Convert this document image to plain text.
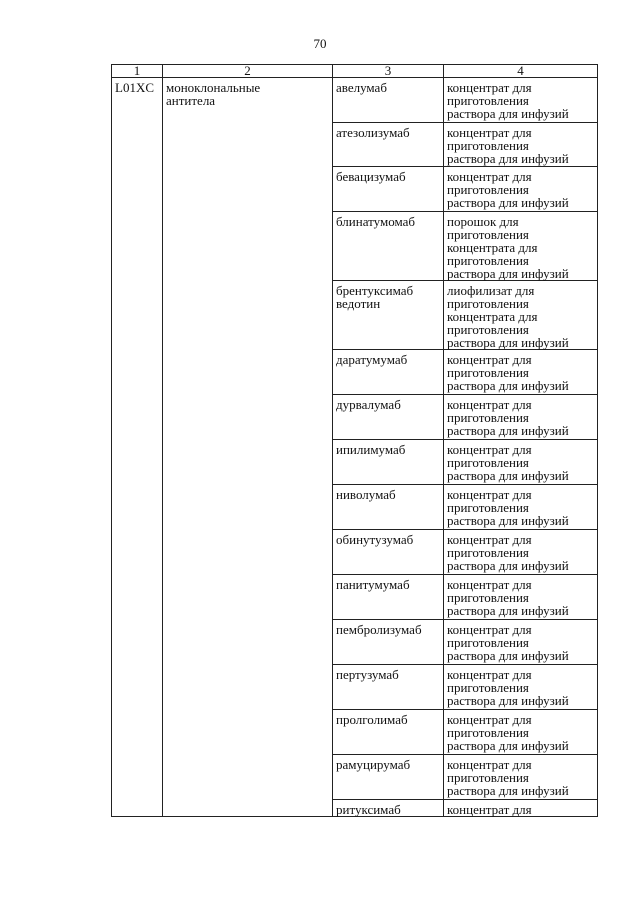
70
1	2	3	4
L01XC	моноклональные
антитела	авелумаб	концентрат для
приготовления
раствора для инфузий

		атезолизумаб	концентрат для
приготовления
раствора для инфузий

		бевацизумаб	концентрат для
приготовления
раствора для инфузий

		блинатумомаб	порошок для
приготовления
концентрата для
приготовления
раствора для инфузий

		брентуксимаб
ведотин	лиофилизат для
приготовления
концентрата для
приготовления
раствора для инфузий

		даратумумаб	концентрат для
приготовления
раствора для инфузий

		дурвалумаб	концентрат для
приготовления
раствора для инфузий

		ипилимумаб	концентрат для
приготовления
раствора для инфузий

		ниволумаб	концентрат для
приготовления
раствора для инфузий

		обинутузумаб	концентрат для
приготовления
раствора для инфузий

		панитумумаб	концентрат для
приготовления
раствора для инфузий

		пембролизумаб	концентрат для
приготовления
раствора для инфузий

		пертузумаб	концентрат для
приготовления
раствора для инфузий

		пролголимаб	концентрат для
приготовления
раствора для инфузий

		рамуцирумаб	концентрат для
приготовления
раствора для инфузий

		ритуксимаб	концентрат для
